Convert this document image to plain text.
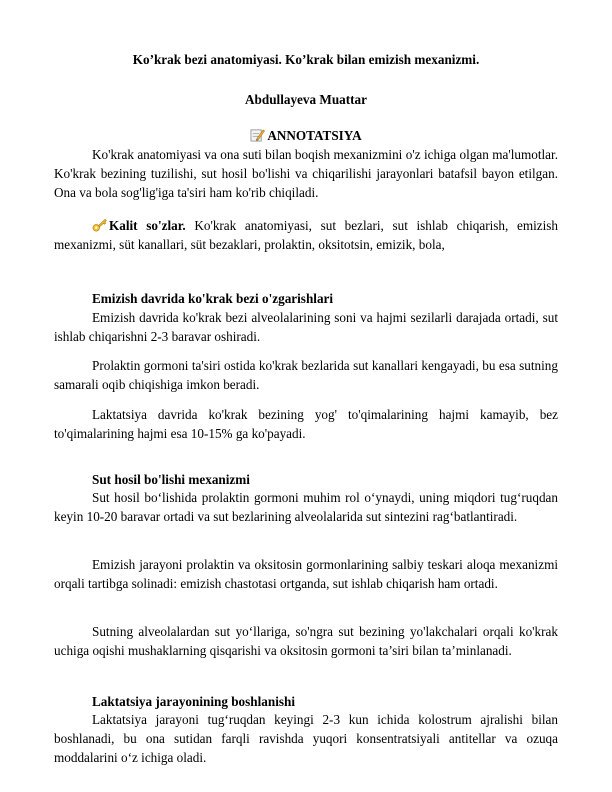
Ko’krak bezi anatomiyasi. Ko’krak bilan emizish mexanizmi.

Abdullayeva Muattar

ANNOTATSIYA

Ko'krak anatomiyasi va ona suti bilan boqish mexanizmini o'z ichiga olgan ma'lumotlar. Ko'krak bezining tuzilishi, sut hosil bo'lishi va chiqarilishi jarayonlari batafsil bayon etilgan. Ona va bola sog'lig'iga ta'siri ham ko'rib chiqiladi.

Kalit so'zlar. Ko'krak anatomiyasi, sut bezlari, sut ishlab chiqarish, emizish mexanizmi, süt kanallari, süt bezaklari, prolaktin, oksitotsin, emizik, bola,

Emizish davrida ko'krak bezi o'zgarishlari

Emizish davrida ko'krak bezi alveolalarining soni va hajmi sezilarli darajada ortadi, sut ishlab chiqarishni 2-3 baravar oshiradi.

Prolaktin gormoni ta'siri ostida ko'krak bezlarida sut kanallari kengayadi, bu esa sutning samarali oqib chiqishiga imkon beradi.

Laktatsiya davrida ko'krak bezining yog' to'qimalarining hajmi kamayib, bez to'qimalarining hajmi esa 10-15% ga ko'payadi.

Sut hosil bo'lishi mexanizmi

Sut hosil bo‘lishida prolaktin gormoni muhim rol o‘ynaydi, uning miqdori tug‘ruqdan keyin 10-20 baravar ortadi va sut bezlarining alveolalarida sut sintezini rag‘batlantiradi.

Emizish jarayoni prolaktin va oksitosin gormonlarining salbiy teskari aloqa mexanizmi orqali tartibga solinadi: emizish chastotasi ortganda, sut ishlab chiqarish ham ortadi.

Sutning alveolalardan sut yo‘llariga, so'ngra sut bezining yo'lakchalari orqali ko'krak uchiga oqishi mushaklarning qisqarishi va oksitosin gormoni ta’siri bilan ta’minlanadi.

Laktatsiya jarayonining boshlanishi

Laktatsiya jarayoni tug‘ruqdan keyingi 2-3 kun ichida kolostrum ajralishi bilan boshlanadi, bu ona sutidan farqli ravishda yuqori konsentratsiyali antitellar va ozuqa moddalarini o‘z ichiga oladi.
